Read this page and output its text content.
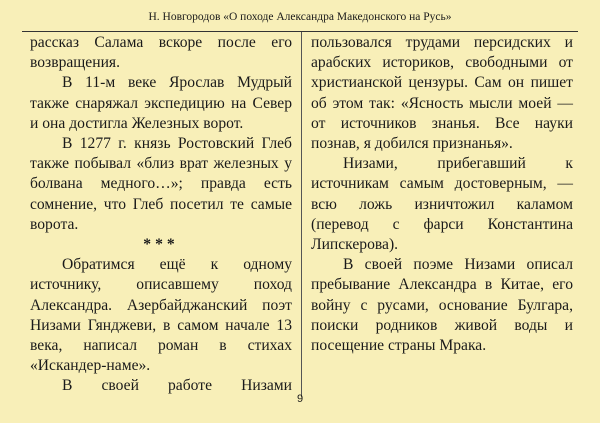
Н. Новгородов «О походе Александра Македонского на Русь»

рассказ Салама вскоре после его возвращения.

В 11-м веке Ярослав Мудрый также снаряжал экспедицию на Север и она достигла Железных ворот.

В 1277 г. князь Ростовский Глеб также побывал «близ врат железных у болвана медного…»; правда есть сомнение, что Глеб посетил те самые ворота.

***

Обратимся ещё к одному источнику, описавшему поход Александра. Азербайджанский поэт Низами Гянджеви, в самом начале 13 века, написал роман в стихах «Искандер-наме».

В своей работе Низами

пользовался трудами персидских и арабских историков, свободными от христианской цензуры. Сам он пишет об этом так: «Ясность мысли моей — от источников знанья. Все науки познав, я добился признанья».

Низами, прибегавший к источникам самым достоверным, — всю ложь изничтожил каламом (перевод с фарси Константина Липскерова).

В своей поэме Низами описал пребывание Александра в Китае, его войну с русами, основание Булгара, поиски родников живой воды и посещение страны Мрака.

9
